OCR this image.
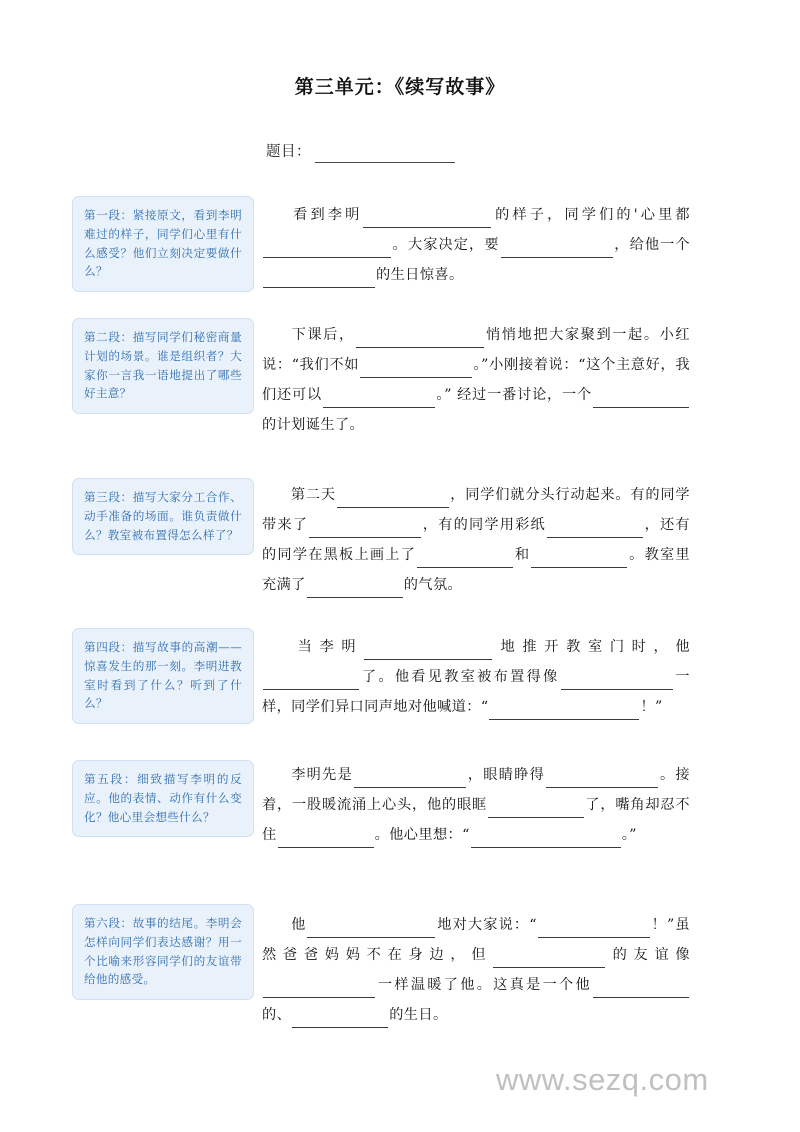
第三单元：《续写故事》
题目：
第一段：紧接原文，看到李明难过的样子，同学们心里有什么感受？他们立刻决定要做什么？
看到李明	的样子，同学们的'心里都。大家决定，要	，给他一个的生日惊喜。
第二段：描写同学们秘密商量计划的场景。谁是组织者？大家你一言我一语地提出了哪些好主意？
下课后，	悄悄地把大家聚到一起。小红说：“我们不如	。”小刚接着说：“这个主意好，我们还可以	。” 经过一番讨论，一个的计划诞生了。
第三段：描写大家分工合作、动手准备的场面。谁负责做什么？教室被布置得怎么样了？
第二天	，同学们就分头行动起来。有的同学带来了	，有的同学用彩纸	，还有的同学在黑板上画上了	和	。教室里充满了	的气氛。
第四段：描写故事的高潮——惊喜发生的那一刻。李明进教室时看到了什么？听到了什么？
当李明	地推开教室门时，他了。他看见教室被布置得像	一样，同学们异口同声地对他喊道：“	！”
第五段：细致描写李明的反应。他的表情、动作有什么变化？他心里会想些什么？
李明先是	，眼睛睁得	。接着，一股暖流涌上心头，他的眼眶	了，嘴角却忍不住	。他心里想：“	。”
第六段：故事的结尾。李明会怎样向同学们表达感谢？用一个比喻来形容同学们的友谊带给他的感受。
他	地对大家说：“	！”虽然爸爸妈妈不在身边，但	的友谊像一样温暖了他。这真是一个他的、	的生日。
www.sezq.com
